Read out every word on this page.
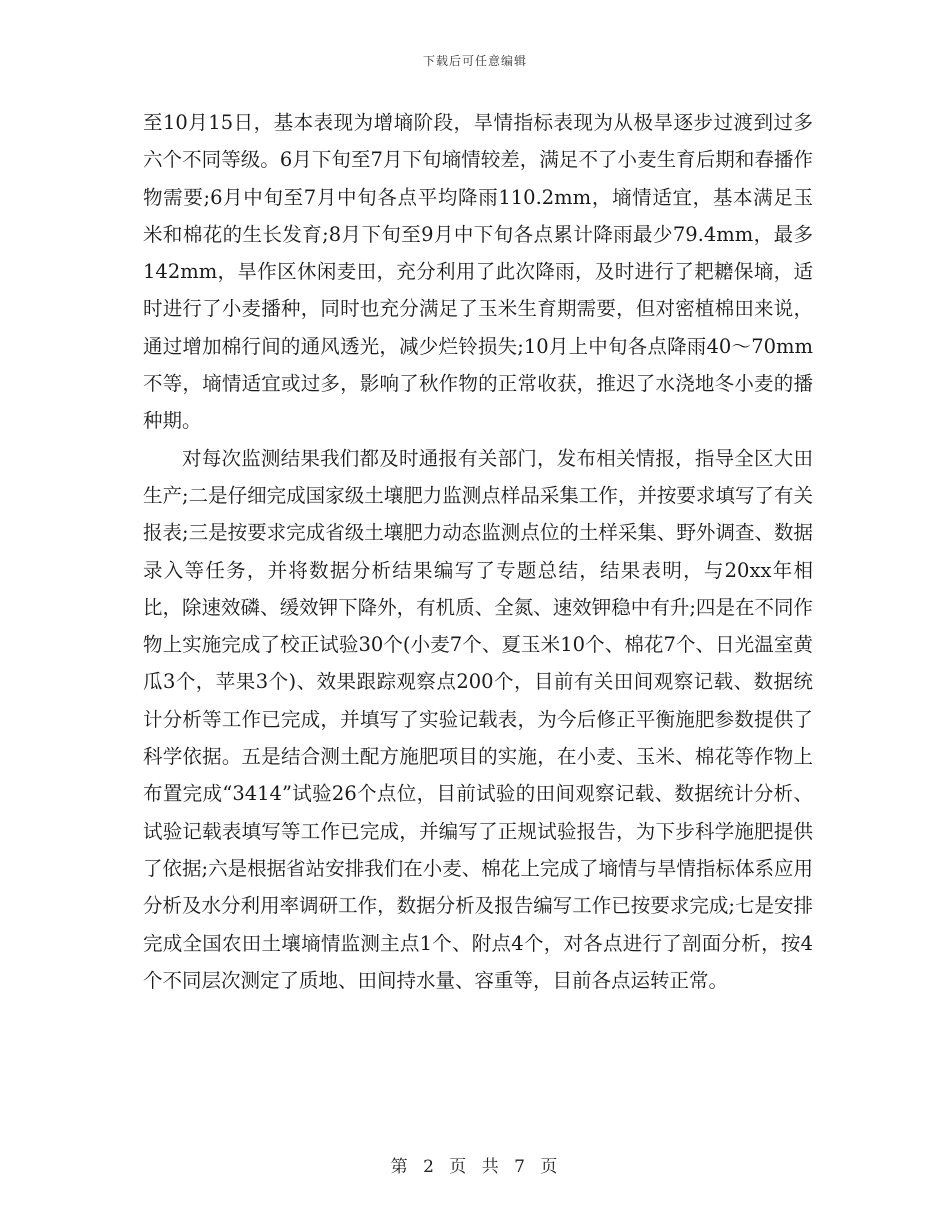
下载后可任意编辑

至10月15日，基本表现为增墒阶段，旱情指标表现为从极旱逐步过渡到过多六个不同等级。6月下旬至7月下旬墒情较差，满足不了小麦生育后期和春播作物需要;6月中旬至7月中旬各点平均降雨110.2mm，墒情适宜，基本满足玉米和棉花的生长发育;8月下旬至9月中下旬各点累计降雨最少79.4mm，最多142mm，旱作区休闲麦田，充分利用了此次降雨，及时进行了耙耱保墒，适时进行了小麦播种，同时也充分满足了玉米生育期需要，但对密植棉田来说，通过增加棉行间的通风透光，减少烂铃损失;10月上中旬各点降雨40～70mm不等，墒情适宜或过多，影响了秋作物的正常收获，推迟了水浇地冬小麦的播种期。

对每次监测结果我们都及时通报有关部门，发布相关情报，指导全区大田生产;二是仔细完成国家级土壤肥力监测点样品采集工作，并按要求填写了有关报表;三是按要求完成省级土壤肥力动态监测点位的土样采集、野外调查、数据录入等任务，并将数据分析结果编写了专题总结，结果表明，与20xx年相比，除速效磷、缓效钾下降外，有机质、全氮、速效钾稳中有升;四是在不同作物上实施完成了校正试验30个(小麦7个、夏玉米10个、棉花7个、日光温室黄瓜3个，苹果3个)、效果跟踪观察点200个，目前有关田间观察记载、数据统计分析等工作已完成，并填写了实验记载表，为今后修正平衡施肥参数提供了科学依据。五是结合测土配方施肥项目的实施，在小麦、玉米、棉花等作物上布置完成“3414”试验26个点位，目前试验的田间观察记载、数据统计分析、试验记载表填写等工作已完成，并编写了正规试验报告，为下步科学施肥提供了依据;六是根据省站安排我们在小麦、棉花上完成了墒情与旱情指标体系应用分析及水分利用率调研工作，数据分析及报告编写工作已按要求完成;七是安排完成全国农田土壤墒情监测主点1个、附点4个，对各点进行了剖面分析，按4个不同层次测定了质地、田间持水量、容重等，目前各点运转正常。

第 2 页 共 7 页
